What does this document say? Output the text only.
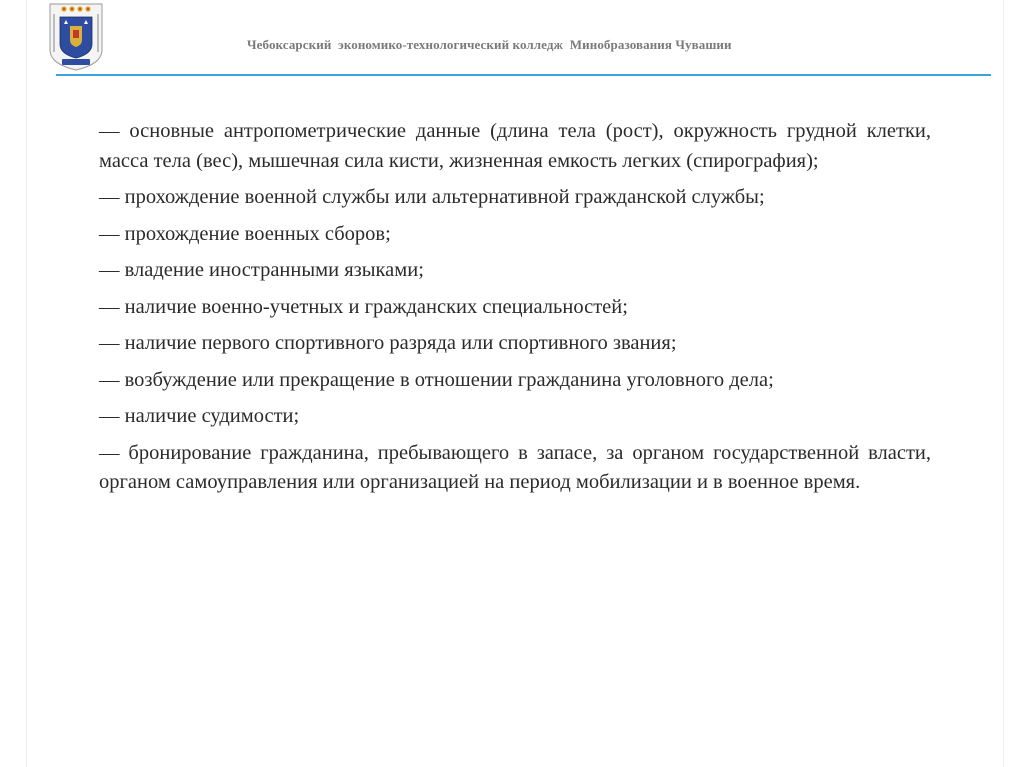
Чебоксарский  экономико-технологический колледж  Минобразования Чувашии

— основные антропометрические данные (длина тела (рост), окружность грудной клетки, масса тела (вес), мышечная сила кисти, жизненная емкость легких (спирография);

— прохождение военной службы или альтернативной гражданской службы;

— прохождение военных сборов;

— владение иностранными языками;

— наличие военно-учетных и гражданских специальностей;

— наличие первого спортивного разряда или спортивного звания;

— возбуждение или прекращение в отношении гражданина уголовного дела;

— наличие судимости;

— бронирование гражданина, пребывающего в запасе, за органом государственной власти, органом самоуправления или организацией на период мобилизации и в военное время.
